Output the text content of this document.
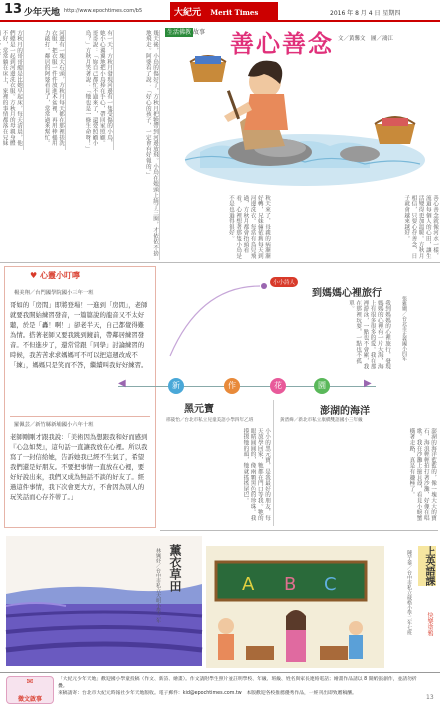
13 少年天地 http://www.epochtimes.com/b5	大紀元 Merit Times	2016 年 8 月 4 日 星期四
生活佛教 故事 善心善念 文／黃馨文　圖／鴻江
方秋月的哥哥總是比她早起床，每天清晨，他們總是一起到河邊洗衣服。方秋月的母親身體不好，常常躺在床上，家裡的事情都落在兄妹	河邊有一塊大石頭，方秋月每天都在那裡搓洗衣服，把衣服一件件放進木盆裡，再用棒槌用力敲打。鄰居的阿婆看見了，常常過來幫忙。	有一天，方秋月發現河邊有一隻受傷的小鳥，她小心翼翼地把小鳥捧在手心，帶回家照顧。哥哥說：「妳自己都忙不過來了，還要照顧小鳥？」方秋月笑著說：「牠也是一條生命呀！」	幾天後，小鳥的傷好了，方秋月把牠帶到河邊放飛。小鳥在她頭上繞了三圈，才依依不捨地飛走。阿婆看了說：「好心的孩子，一定會有好報的。」
秋天來了，母親的病漸漸好轉，兄妹倆依舊每天到河邊洗衣。每當有鳥兒飛過，方秋月都會抬頭看看，心裡想著那隻小鳥是不是也過得很好。	善心善念就像河水一樣，流過每個人的心田，讓生活變得更加溫暖。方秋月相信，只要心存善念，日子就會越來越好。
♥ 心靈小叮嚀
楊美翔／台門國學院國小三年一班
哥如的「房間」即將登場！一進到「房間」，老師就要我開始練習發音，一篇篇說的龍音又不太好聽，於是「轟！啊！」卻老半天，自己都覺得難為情。搭著老師又要我跳到鏡前，帶鄰居練習發音。不但進步了，還常常跟「同學」討論練習的時候，我苦苦求求媽媽可不可以把這週改成不「練」，媽媽只是笑而不答，繼續叫我好好練習。
羅佩芸／新竹縣新埔國小六年十班
老師剛剛才跟我說：「美術因為想跟我和好而感到『心急如焚』，這句話一直讓我放在心裡。所以我寫了一封信給她，告訴她我已經不生氣了，希望我們還是好朋友。不要把事情一直放在心裡，要好好說出來，我們又成為無話不談的好友了。經過這件事情，我下次會更大方，不會因為別人的玩笑話而心存芥蒂了。」
小小詩人
到媽媽心裡旅行
張雅嫺／台北市正義國小四年
我到媽媽的心裡旅行，發現媽媽的心裡有一片大海，海上有很多很多的愛。我在那裡游泳，一點也不會累，我在那裡玩耍，一點也不孤單。
◀	▶
新	作	花	園
黑元寶
邢筱怡／台北市私立兒童美語小學四年乙班
小小的黑元寶，是我最好的朋友，每天放學回家，牠都在門口等我。牠的眼睛圓圓的，像兩顆黑色的珍珠。我摸摸牠的頭，牠就搖搖尾巴。
澎湖的海洋
黃溍緯／新北市私立康橋雙語國小三年級
澎湖的海洋藍藍的，像一塊大大的寶石，海浪輕輕拍打著沙灘，好像在唱歌。我在沙灘上撿貝殼，看見小螃蟹橫著走路，真是有趣極了。
薰衣草田
林姵妤／台中市私立大明小學三年	A B C	上英語課
陳芋蓁／台中市私立葳格小學二年七班	快樂塗鴉
✉
徵文啟事
「大紀元少年天地」歡迎國小學童投稿（作文、新詩、繪畫）。作文請附學生照片並註明學校、年級、班級、姓名與家長連絡電話；繪畫作品請以 8 開紙張創作，並請勿折疊。
來稿請寄：台北市大紀元時報社少年天地版收。電子郵件：kid@epochtimes.com.tw　本版歡迎各校推薦優秀作品，一經刊出即致贈稿酬。
13
